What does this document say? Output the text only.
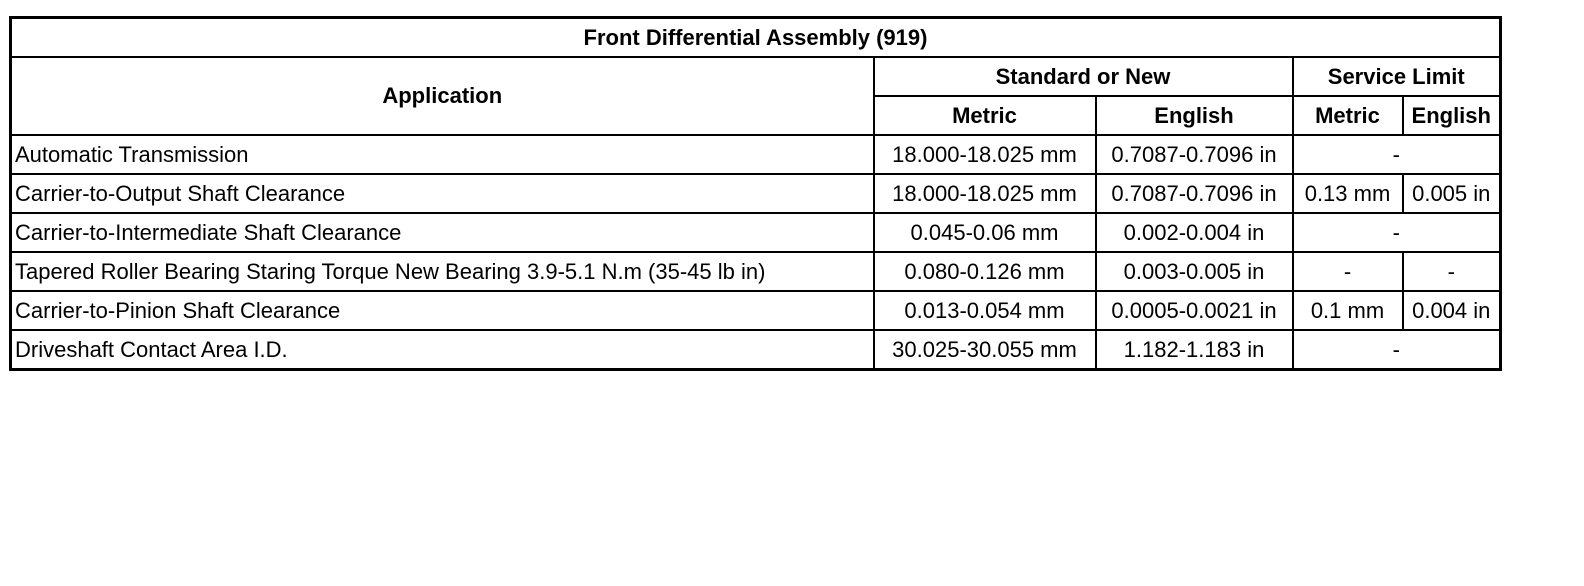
Front Differential Assembly (919)				
Application	Standard or New		Service Limit	
	Metric	English	Metric	English
Automatic Transmission	18.000-18.025 mm	0.7087-0.7096 in	-	
Carrier-to-Output Shaft Clearance	18.000-18.025 mm	0.7087-0.7096 in	0.13 mm	0.005 in
Carrier-to-Intermediate Shaft Clearance	0.045-0.06 mm	0.002-0.004 in	-	
Tapered Roller Bearing Staring Torque New Bearing 3.9-5.1 N.m (35-45 lb in)	0.080-0.126 mm	0.003-0.005 in	-	-
Carrier-to-Pinion Shaft Clearance	0.013-0.054 mm	0.0005-0.0021 in	0.1 mm	0.004 in
Driveshaft Contact Area I.D.	30.025-30.055 mm	1.182-1.183 in	-	
